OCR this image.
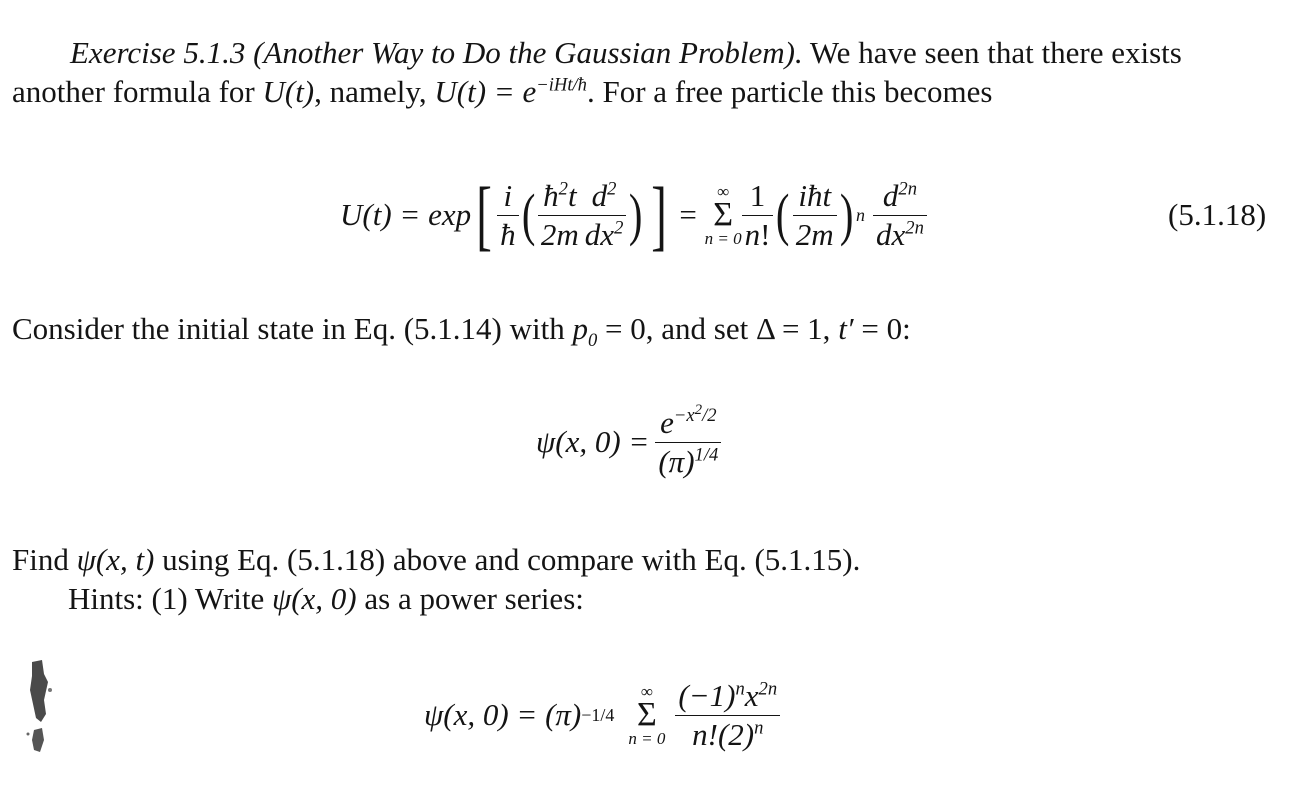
Exercise 5.1.3 (Another Way to Do the Gaussian Problem). We have seen that there exists
another formula for U(t), namely, $U(t) = e^{-iHt/ħ}$. For a free particle this becomes
U(t) = exp [ $\frac{i}{ħ}$ ( $\frac{ħ^2t}{2m} \frac{d^2}{dx^2}$ ) ] =
∞
Σ
$n = 0 \frac{1}{n!}$ ( $\frac{\text{iħt}}{2m}$ ) n $\frac{d^{2n}}{dx^{2n}}$	(5.1.18)
Consider the initial state in Eq. (5.1.14) with $p_0 = 0$, and set Δ = 1, t′ = 0:
ψ(x, $0) = \frac{e^{-x^2/2}}{(\pi)^{1/4}}$
Find ψ(x, t) using Eq. (5.1.18) above and compare with Eq. (5.1.15).
Hints: (1) Write ψ(x, 0) as a power series:
ψ(x, 0) = (π) −1/4
∞
Σ
$n = 0 \frac{(-1)^nx^{2n}}{n!(2)^n}$
